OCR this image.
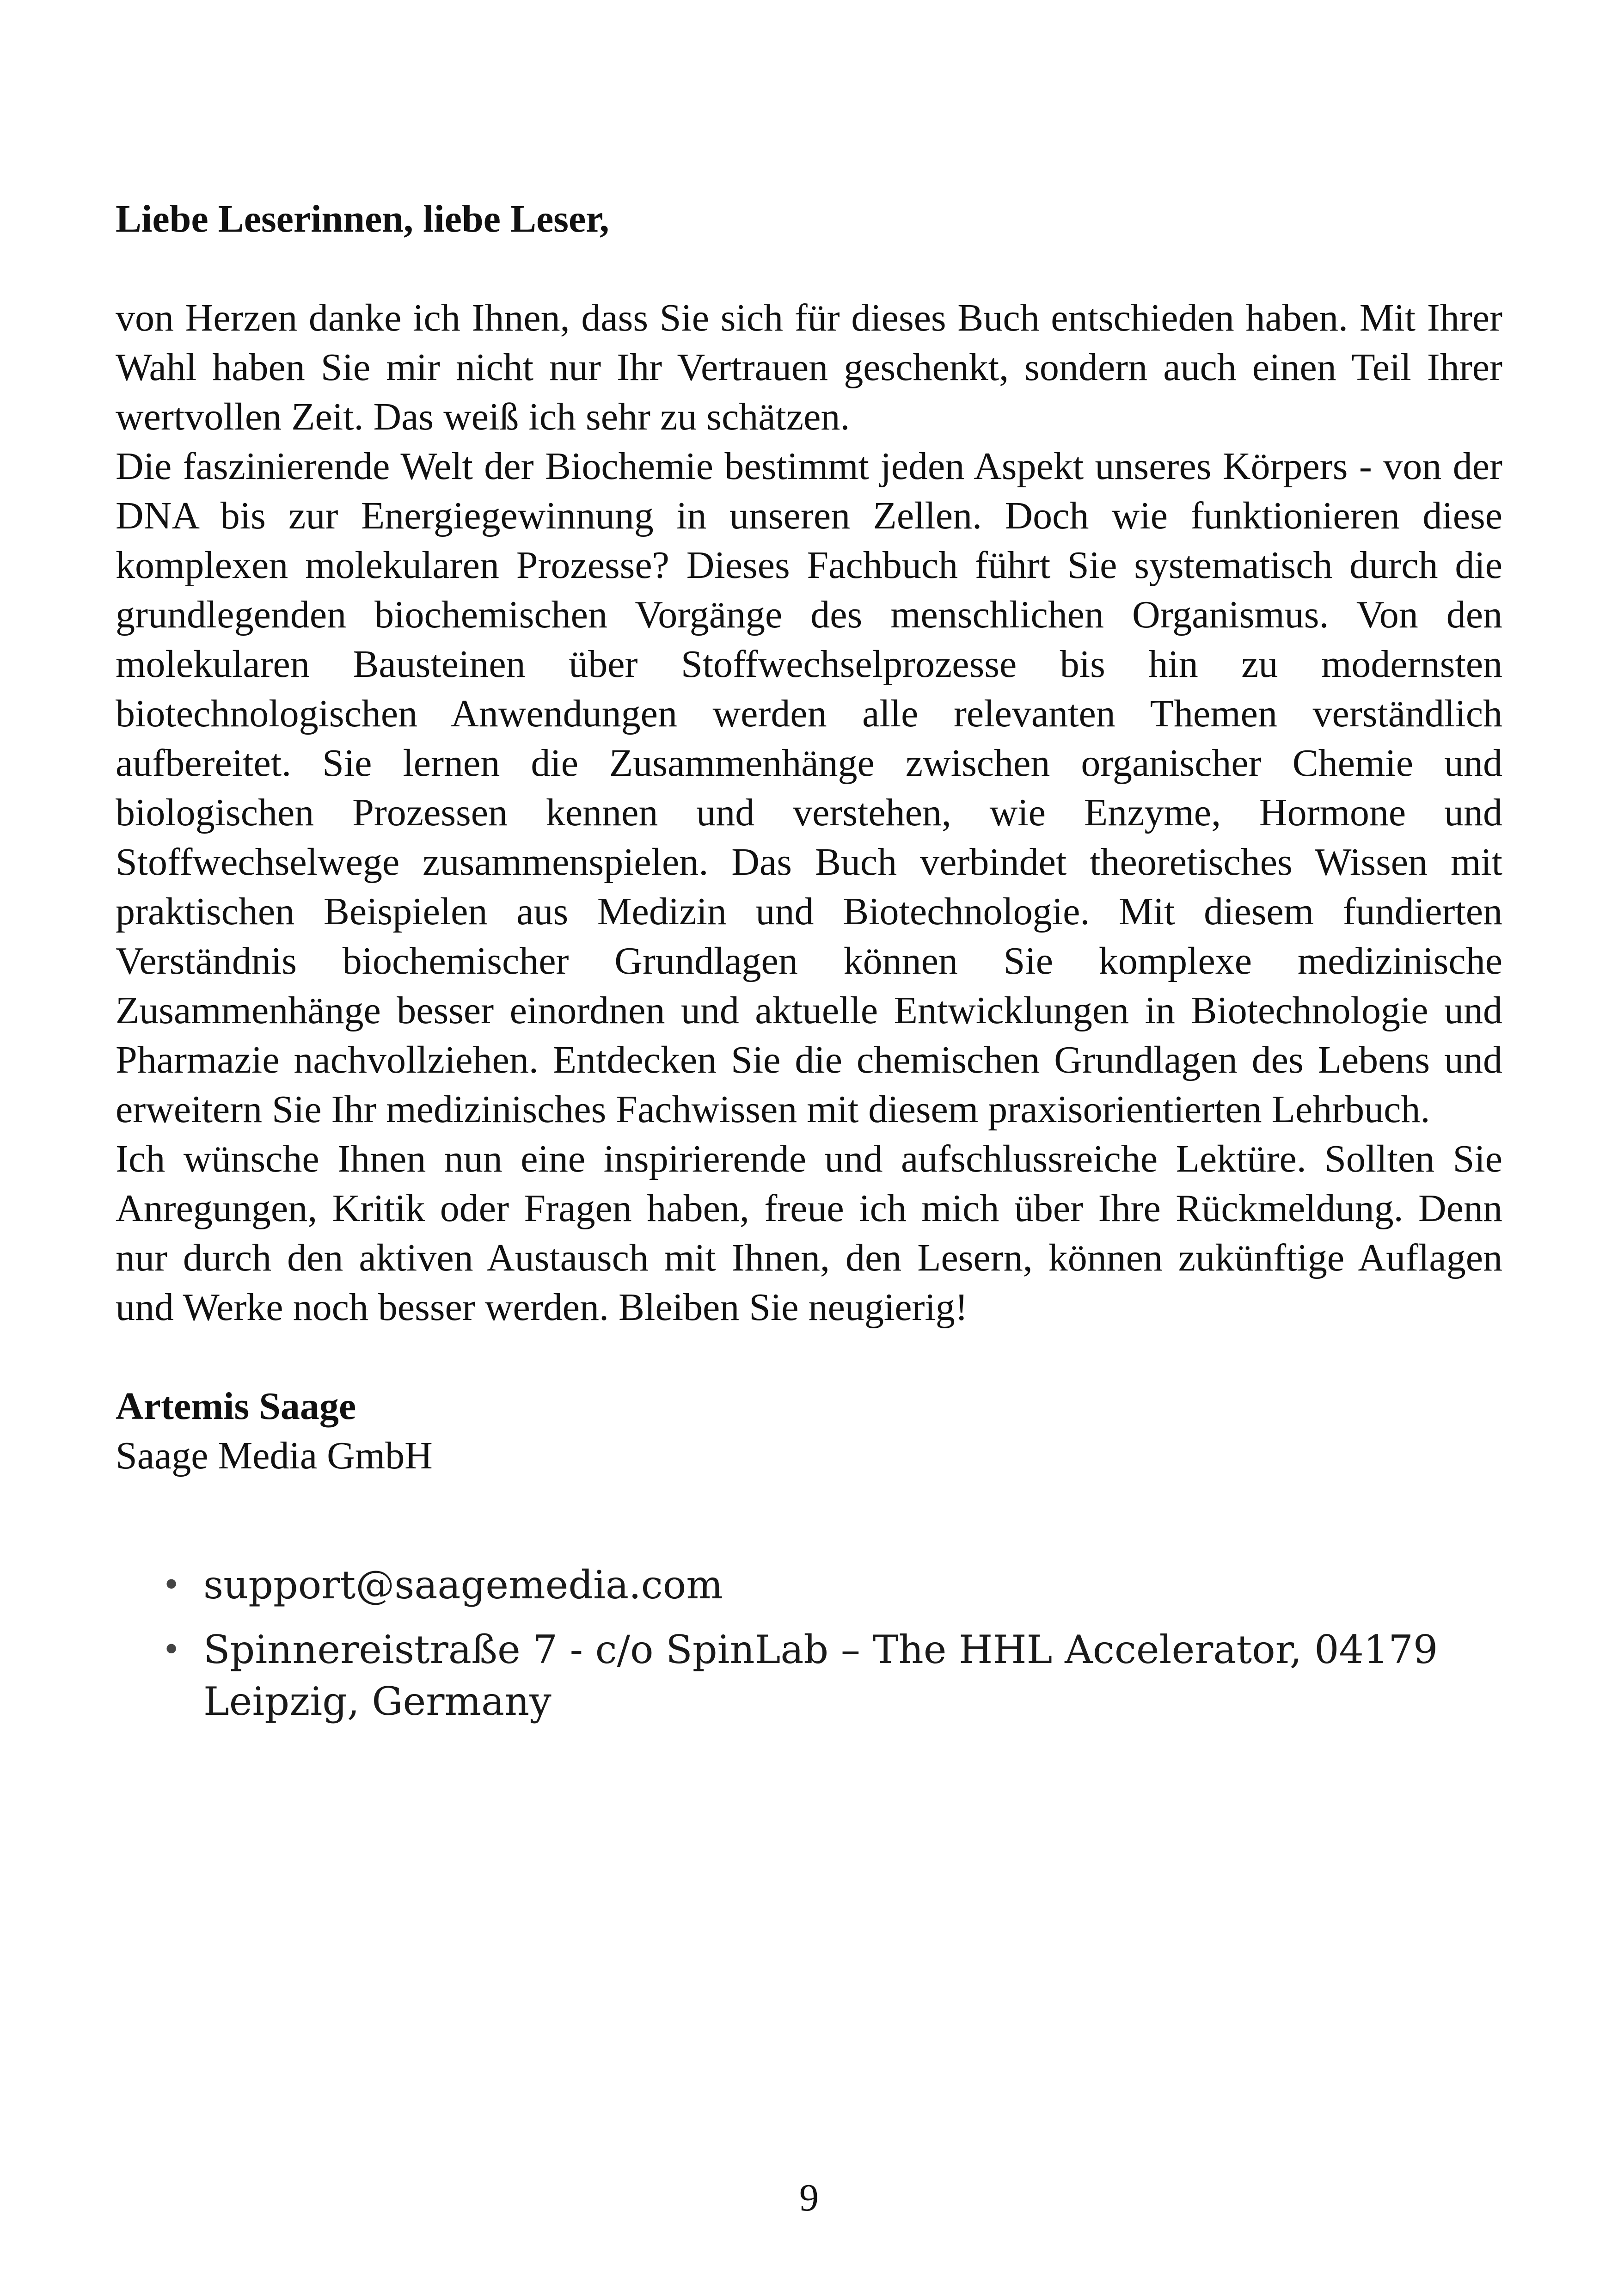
Liebe Leserinnen, liebe Leser,

von Herzen danke ich Ihnen, dass Sie sich für dieses Buch entschieden haben. Mit Ihrer Wahl haben Sie mir nicht nur Ihr Vertrauen geschenkt, sondern auch einen Teil Ihrer wertvollen Zeit. Das weiß ich sehr zu schätzen.

Die faszinierende Welt der Biochemie bestimmt jeden Aspekt unseres Körpers - von der DNA bis zur Energiegewinnung in unseren Zellen. Doch wie funktionieren diese komplexen molekularen Prozesse? Dieses Fachbuch führt Sie systematisch durch die grundlegenden biochemischen Vorgänge des menschlichen Organismus. Von den molekularen Bausteinen über Stoffwechselprozesse bis hin zu modernsten biotechnologischen Anwendungen werden alle relevanten Themen verständlich aufbereitet. Sie lernen die Zusammenhänge zwischen organischer Chemie und biologischen Prozessen kennen und verstehen, wie Enzyme, Hormone und Stoffwechselwege zusammenspielen. Das Buch verbindet theoretisches Wissen mit praktischen Beispielen aus Medizin und Biotechnologie. Mit diesem fundierten Verständnis biochemischer Grundlagen können Sie komplexe medizinische Zusammenhänge besser einordnen und aktuelle Entwicklungen in Biotechnologie und Pharmazie nachvollziehen. Entdecken Sie die chemischen Grundlagen des Lebens und erweitern Sie Ihr medizinisches Fachwissen mit diesem praxisorientierten Lehrbuch.

Ich wünsche Ihnen nun eine inspirierende und aufschlussreiche Lektüre. Sollten Sie Anregungen, Kritik oder Fragen haben, freue ich mich über Ihre Rückmeldung. Denn nur durch den aktiven Austausch mit Ihnen, den Lesern, können zukünftige Auflagen und Werke noch besser werden. Bleiben Sie neugierig!

Artemis Saage

Saage Media GmbH

• support@saagemedia.com
• Spinnereistraße 7 - c/o SpinLab – The HHL Accelerator, 04179 Leipzig, Germany
9
